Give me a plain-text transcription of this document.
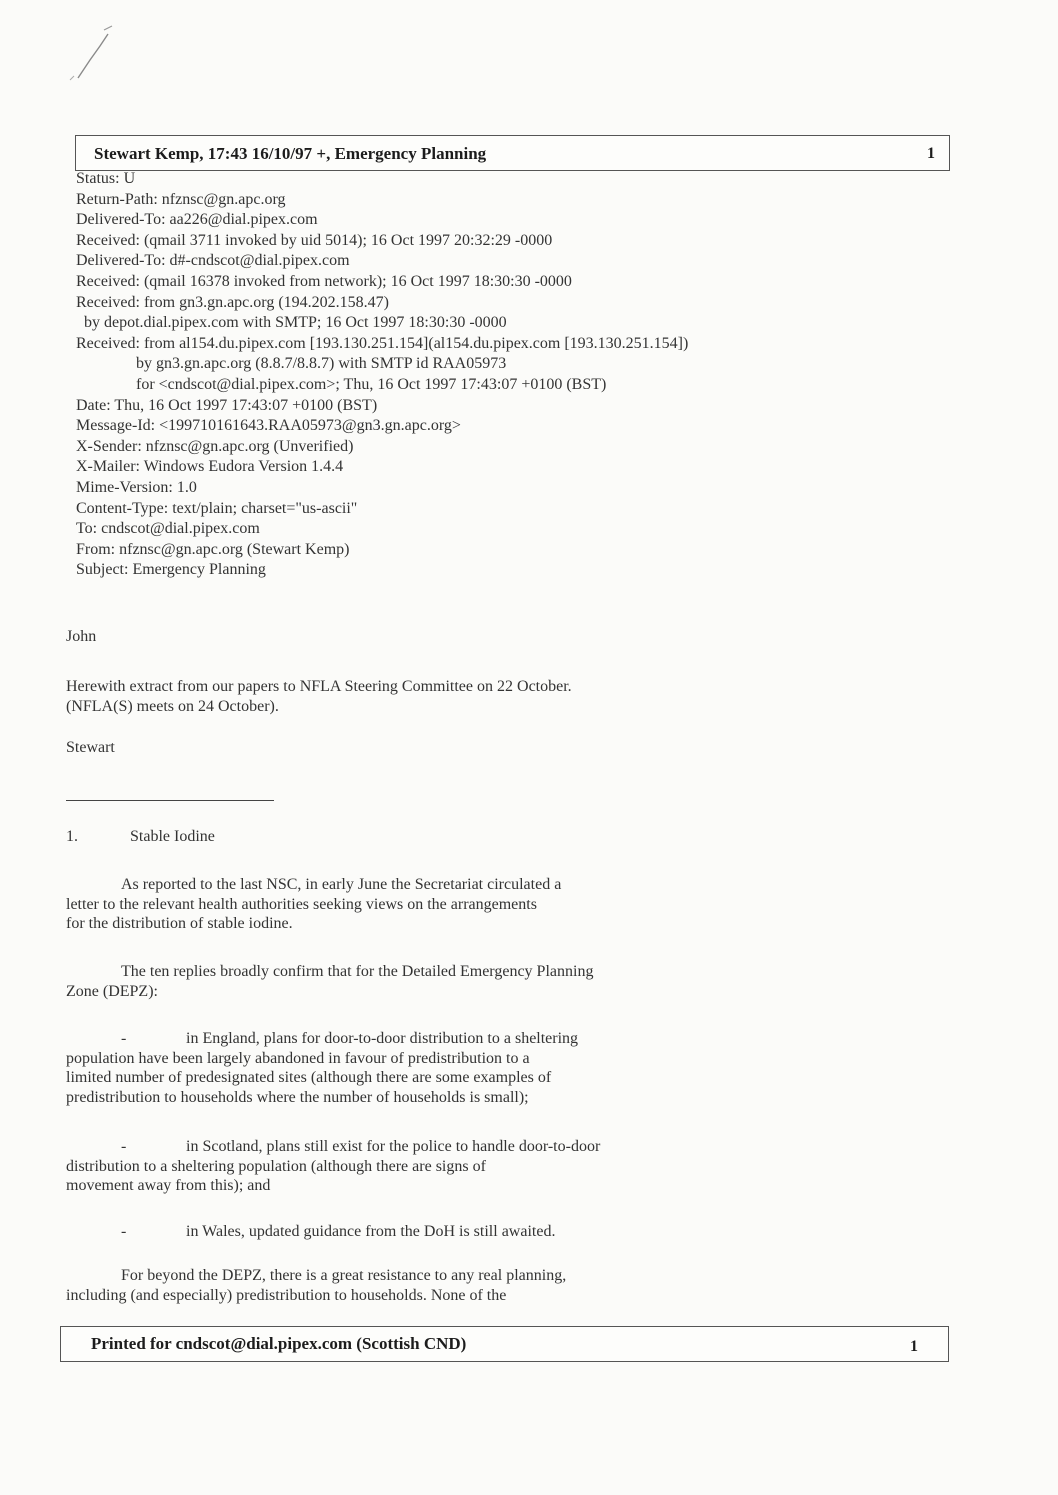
Stewart Kemp, 17:43 16/10/97 +, Emergency Planning	1
Status: U
Return-Path: nfznsc@gn.apc.org
Delivered-To: aa226@dial.pipex.com
Received: (qmail 3711 invoked by uid 5014); 16 Oct 1997 20:32:29 -0000
Delivered-To: d#-cndscot@dial.pipex.com
Received: (qmail 16378 invoked from network); 16 Oct 1997 18:30:30 -0000
Received: from gn3.gn.apc.org (194.202.158.47)
by depot.dial.pipex.com with SMTP; 16 Oct 1997 18:30:30 -0000
Received: from al154.du.pipex.com [193.130.251.154](al154.du.pipex.com [193.130.251.154])
by gn3.gn.apc.org (8.8.7/8.8.7) with SMTP id RAA05973
for <cndscot@dial.pipex.com>; Thu, 16 Oct 1997 17:43:07 +0100 (BST)
Date: Thu, 16 Oct 1997 17:43:07 +0100 (BST)
Message-Id: <199710161643.RAA05973@gn3.gn.apc.org>
X-Sender: nfznsc@gn.apc.org (Unverified)
X-Mailer: Windows Eudora Version 1.4.4
Mime-Version: 1.0
Content-Type: text/plain; charset="us-ascii"
To: cndscot@dial.pipex.com
From: nfznsc@gn.apc.org (Stewart Kemp)
Subject: Emergency Planning
John
Herewith extract from our papers to NFLA Steering Committee on 22 October.
(NFLA(S) meets on 24 October).
Stewart
1.	Stable Iodine
As reported to the last NSC, in early June the Secretariat circulated a
letter to the relevant health authorities seeking views on the arrangements
for the distribution of stable iodine.
The ten replies broadly confirm that for the Detailed Emergency Planning
Zone (DEPZ):
-	in England, plans for door-to-door distribution to a sheltering
population have been largely abandoned in favour of predistribution to a
limited number of predesignated sites (although there are some examples of
predistribution to households where the number of households is small);
-	in Scotland, plans still exist for the police to handle door-to-door
distribution to a sheltering population (although there are signs of
movement away from this); and
-	in Wales, updated guidance from the DoH is still awaited.
For beyond the DEPZ, there is a great resistance to any real planning,
including (and especially) predistribution to households. None of the
Printed for cndscot@dial.pipex.com (Scottish CND)	1
